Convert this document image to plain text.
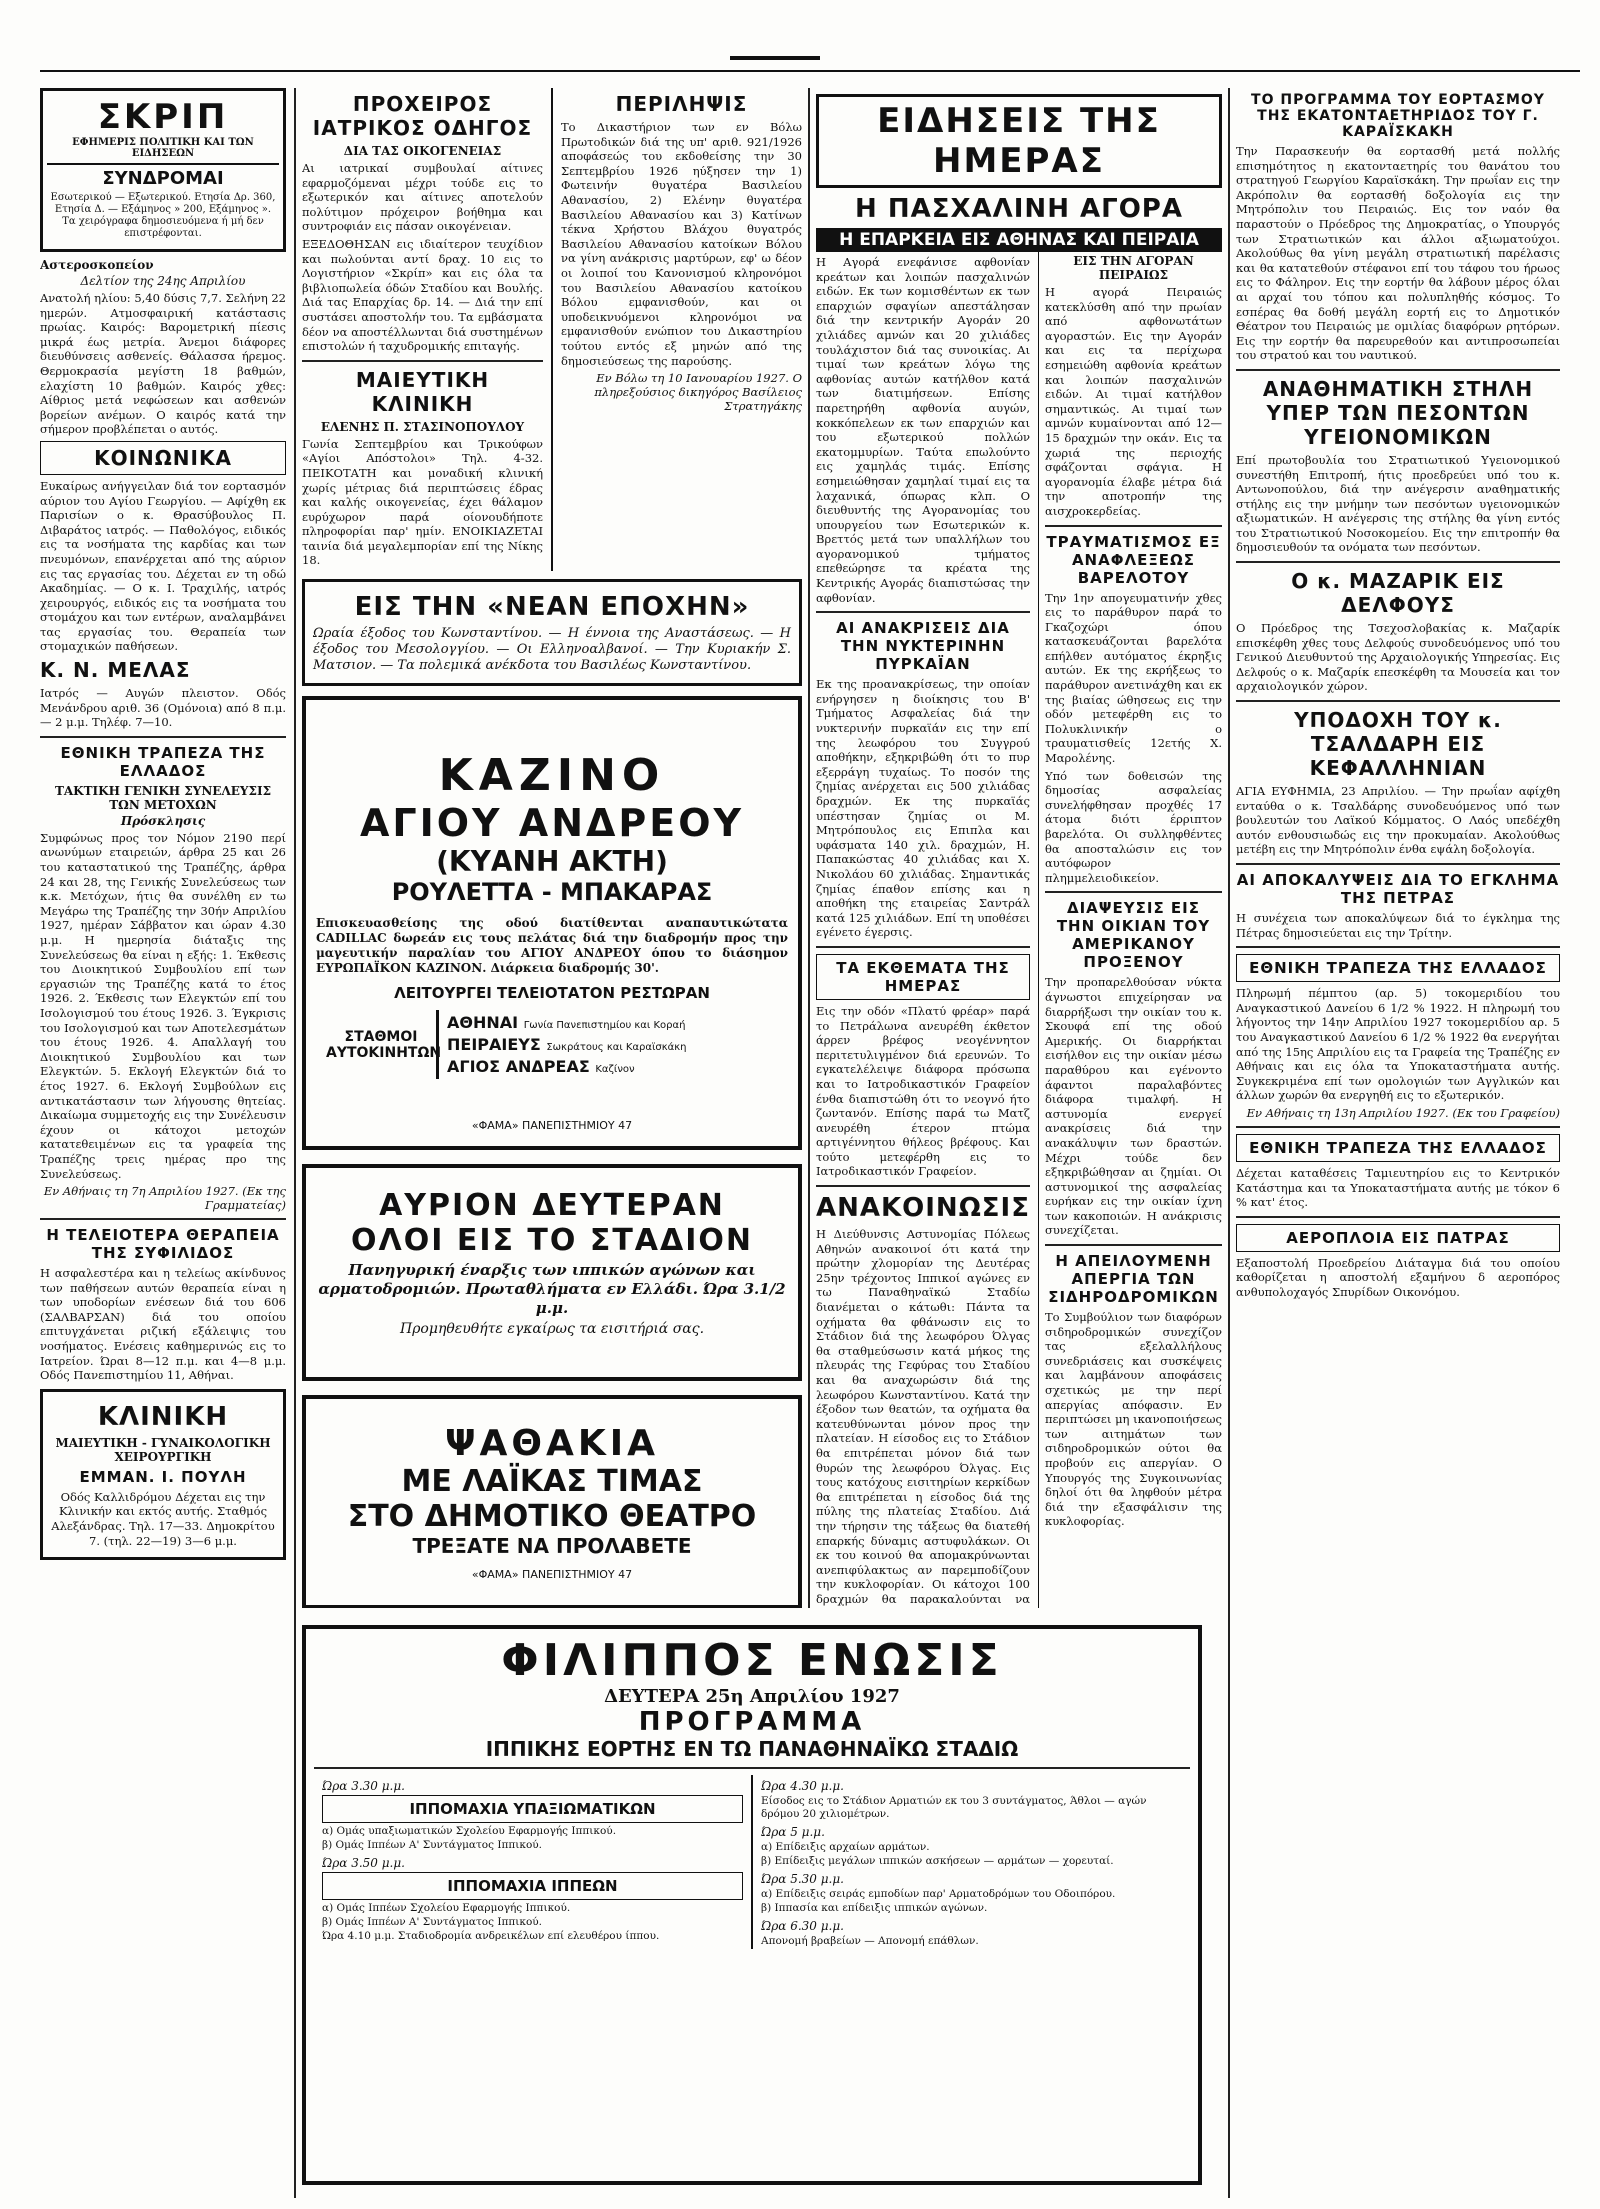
ΣΚΡΙΠ
ΕΦΗΜΕΡΙΣ ΠΟΛΙΤΙΚΗ ΚΑΙ ΤΩΝ ΕΙΔΗΣΕΩΝ
ΣΥΝΔΡΟΜΑΙ
Εσωτερικού — Εξωτερικού. Ετησία Δρ. 360, Ετησία Δ. — Εξάμηνος » 200, Εξάμηνος ». Τα χειρόγραφα δημοσιευόμενα ή μή δεν επιστρέφονται.
Αστεροσκοπείον
Δελτίον της 24ης Απριλίου
Ανατολή ηλίου: 5,40 δύσις 7,7. Σελήνη 22 ημερών. Ατμοσφαιρική κατάστασις πρωίας. Καιρός: Βαρομετρική πίεσις μικρά έως μετρία. Άνεμοι διάφορες διευθύνσεις ασθενείς. Θάλασσα ήρεμος. Θερμοκρασία μεγίστη 18 βαθμών, ελαχίστη 10 βαθμών. Καιρός χθες: Αίθριος μετά νεφώσεων και ασθενών βορείων ανέμων. Ο καιρός κατά την σήμερον προβλέπεται ο αυτός.
ΚΟΙΝΩΝΙΚΑ
Ευκαίρως ανήγγειλαν διά τον εορτασμόν αύριον του Αγίου Γεωργίου. — Αφίχθη εκ Παρισίων ο κ. Θρασύβουλος Π. Διβαράτος ιατρός. — Παθολόγος, ειδικός εις τα νοσήματα της καρδίας και των πνευμόνων, επανέρχεται από της αύριον εις τας εργασίας του. Δέχεται εν τη οδώ Ακαδημίας. — Ο κ. Ι. Τραχιλής, ιατρός χειρουργός, ειδικός εις τα νοσήματα του στομάχου και των εντέρων, αναλαμβάνει τας εργασίας του. Θεραπεία των στομαχικών παθήσεων.
Κ. Ν. ΜΕΛΑΣ
Ιατρός — Αυγών πλειστον. Οδός Μενάνδρου αριθ. 36 (Ομόνοια) από 8 π.μ. — 2 μ.μ. Τηλέφ. 7—10.
ΕΘΝΙΚΗ ΤΡΑΠΕΖΑ ΤΗΣ ΕΛΛΑΔΟΣ
ΤΑΚΤΙΚΗ ΓΕΝΙΚΗ ΣΥΝΕΛΕΥΣΙΣ ΤΩΝ ΜΕΤΟΧΩΝ
Πρόσκλησις
Συμφώνως προς τον Νόμον 2190 περί ανωνύμων εταιρειών, άρθρα 25 και 26 του καταστατικού της Τραπέζης, άρθρα 24 και 28, της Γενικής Συνελεύσεως των κ.κ. Μετόχων, ήτις θα συνέλθη εν τω Μεγάρω της Τραπέζης την 30ήν Απριλίου 1927, ημέραν Σάββατον και ώραν 4.30 μ.μ. Η ημερησία διάταξις της Συνελεύσεως θα είναι η εξής: 1. Έκθεσις του Διοικητικού Συμβουλίου επί των εργασιών της Τραπέζης κατά το έτος 1926. 2. Έκθεσις των Ελεγκτών επί του Ισολογισμού του έτους 1926. 3. Έγκρισις του Ισολογισμού και των Αποτελεσμάτων του έτους 1926. 4. Απαλλαγή του Διοικητικού Συμβουλίου και των Ελεγκτών. 5. Εκλογή Ελεγκτών διά το έτος 1927. 6. Εκλογή Συμβούλων εις αντικατάστασιν των λήγουσης θητείας. Δικαίωμα συμμετοχής εις την Συνέλευσιν έχουν οι κάτοχοι μετοχών κατατεθειμένων εις τα γραφεία της Τραπέζης τρεις ημέρας προ της Συνελεύσεως.
Εν Αθήναις τη 7η Απριλίου 1927. (Εκ της Γραμματείας)
Η ΤΕΛΕΙΟΤΕΡΑ ΘΕΡΑΠΕΙΑ ΤΗΣ ΣΥΦΙΛΙΔΟΣ
Η ασφαλεστέρα και η τελείως ακίνδυνος των παθήσεων αυτών θεραπεία είναι η των υποδορίων ενέσεων διά του 606 (ΣΑΛΒΑΡΣΑΝ) διά του οποίου επιτυγχάνεται ριζική εξάλειψις του νοσήματος. Ενέσεις καθημερινώς εις το Ιατρείον. Ώραι 8—12 π.μ. και 4—8 μ.μ. Οδός Πανεπιστημίου 11, Αθήναι.
ΚΛΙΝΙΚΗ
ΜΑΙΕΥΤΙΚΗ - ΓΥΝΑΙΚΟΛΟΓΙΚΗ ΧΕΙΡΟΥΡΓΙΚΗ
ΕΜΜΑΝ. Ι. ΠΟΥΛΗ
Οδός Καλλιδρόμου Δέχεται εις την Κλινικήν και εκτός αυτής. Σταθμός Αλεξάνδρας. Τηλ. 17—33. Δημοκρίτου 7. (τηλ. 22—19) 3—6 μ.μ.
ΠΡΟΧΕΙΡΟΣ ΙΑΤΡΙΚΟΣ ΟΔΗΓΟΣ
ΔΙΑ ΤΑΣ ΟΙΚΟΓΕΝΕΙΑΣ
Αι ιατρικαί συμβουλαί αίτινες εφαρμοζόμεναι μέχρι τούδε εις το εξωτερικόν και αίτινες αποτελούν πολύτιμον πρόχειρον βοήθημα και συντροφιάν εις πάσαν οικογένειαν.
ΕΞΕΔΟΘΗΣΑΝ εις ιδιαίτερον τευχίδιον και πωλούνται αντί δραχ. 10 εις το Λογιστήριον «Σκρίπ» και εις όλα τα βιβλιοπωλεία όδών Σταδίου και Βουλής. Διά τας Επαρχίας δρ. 14. — Διά την επί συστάσει αποστολήν του. Τα εμβάσματα δέον να αποστέλλωνται διά συστημένων επιστολών ή ταχυδρομικής επιταγής.
ΜΑΙΕΥΤΙΚΗ ΚΛΙΝΙΚΗ
ΕΛΕΝΗΣ Π. ΣΤΑΣΙΝΟΠΟΥΛΟΥ
Γωνία Σεπτεμβρίου και Τρικούφων «Αγίοι Απόστολοι» Τηλ. 4-32. ΠΕΙΚΟΤΑΤΗ και μοναδική κλινική χωρίς μέτριας διά περιπτώσεις έδρας και καλής οικογενείας, έχει θάλαμον ευρύχωρον παρά οίονουδήποτε πληροφορίαι παρ' ημίν. ΕΝΟΙΚΙΑΖΕΤΑΙ ταινία διά μεγαλεμπορίαν επί της Νίκης 18.
ΠΕΡΙΛΗΨΙΣ
Το Δικαστήριον των εν Βόλω Πρωτοδικών διά της υπ' αριθ. 921/1926 αποφάσεώς του εκδοθείσης την 30 Σεπτεμβρίου 1926 ηύξησεν την 1) Φωτεινήν θυγατέρα Βασιλείου Αθανασίου, 2) Ελένην θυγατέρα Βασιλείου Αθανασίου και 3) Κατίνων τέκνα Χρήστου Βλάχου θυγατρός Βασιλείου Αθανασίου κατοίκων Βόλου να γίνη ανάκρισις μαρτύρων, εφ' ω δέον οι λοιποί του Κανονισμού κληρονόμοι του Βασιλείου Αθανασίου κατοίκου Βόλου εμφανισθούν, και οι υποδεικνυόμενοι κληρονόμοι να εμφανισθούν ενώπιον του Δικαστηρίου τούτου εντός εξ μηνών από της δημοσιεύσεως της παρούσης.
Εν Βόλω τη 10 Ιανουαρίου 1927. Ο πληρεξούσιος δικηγόρος Βασίλειος Στρατηγάκης
ΕΙΣ ΤΗΝ «ΝΕΑΝ ΕΠΟΧΗΝ»
Ωραία έξοδος του Κωνσταντίνου. — Η έννοια της Αναστάσεως. — Η έξοδος του Μεσολογγίου. — Οι Ελληνοαλβανοί. — Την Κυριακήν Σ. Ματσιον. — Τα πολεμικά ανέκδοτα του Βασιλέως Κωνσταντίνου.
ΚΑΖΙΝΟ
ΑΓΙΟΥ ΑΝΔΡΕΟΥ
(ΚΥΑΝΗ ΑΚΤΗ)
ΡΟΥΛΕΤΤΑ - ΜΠΑΚΑΡΑΣ
Επισκευασθείσης της οδού διατίθενται αναπαυτικώτατα CADILLAC δωρεάν εις τους πελάτας διά την διαδρομήν προς την μαγευτικήν παραλίαν του ΑΓΙΟΥ ΑΝΔΡΕΟΥ όπου το διάσημον ΕΥΡΩΠΑΪΚΟΝ ΚΑΖΙΝΟΝ. Διάρκεια διαδρομής 30'.
ΛΕΙΤΟΥΡΓΕΙ ΤΕΛΕΙΟΤΑΤΟΝ ΡΕΣΤΩΡΑΝ
ΣΤΑΘΜΟΙ ΑΥΤΟΚΙΝΗΤΩΝ
ΑΘΗΝΑΙ Γωνία Πανεπιστημίου και Κοραή
ΠΕΙΡΑΙΕΥΣ Σωκράτους και Καραϊσκάκη
ΑΓΙΟΣ ΑΝΔΡΕΑΣ Καζίνον
«ΦΑΜΑ» ΠΑΝΕΠΙΣΤΗΜΙΟΥ 47
ΑΥΡΙΟΝ ΔΕΥΤΕΡΑΝ
ΟΛΟΙ ΕΙΣ ΤΟ ΣΤΑΔΙΟΝ
Πανηγυρική έναρξις των ιππικών αγώνων και αρματοδρομιών. Πρωταθλήματα εν Ελλάδι. Ώρα 3.1/2 μ.μ.
Προμηθευθήτε εγκαίρως τα εισιτήριά σας.
ΨΑΘΑΚΙΑ
ΜΕ ΛΑΪΚΑΣ ΤΙΜΑΣ
ΣΤΟ ΔΗΜΟΤΙΚΟ ΘΕΑΤΡΟ
ΤΡΕΞΑΤΕ ΝΑ ΠΡΟΛΑΒΕΤΕ
«ΦΑΜΑ» ΠΑΝΕΠΙΣΤΗΜΙΟΥ 47
ΦΙΛΙΠΠΟΣ ΕΝΩΣΙΣ
ΔΕΥΤΕΡΑ 25η Απριλίου 1927
ΠΡΟΓΡΑΜΜΑ
ΙΠΠΙΚΗΣ ΕΟΡΤΗΣ ΕΝ ΤΩ ΠΑΝΑΘΗΝΑΪΚΩ ΣΤΑΔΙΩ
Ώρα 3.30 μ.μ.
ΙΠΠΟΜΑΧΙΑ ΥΠΑΞΙΩΜΑΤΙΚΩΝ
α) Ομάς υπαξιωματικών Σχολείου Εφαρμογής Ιππικού.
β) Ομάς Ιππέων Α' Συντάγματος Ιππικού.
Ώρα 3.50 μ.μ.
ΙΠΠΟΜΑΧΙΑ ΙΠΠΕΩΝ
α) Ομάς Ιππέων Σχολείου Εφαρμογής Ιππικού.
β) Ομάς Ιππέων Α' Συντάγματος Ιππικού.
Ώρα 4.10 μ.μ. Σταδιοδρομία ανδρεικέλων επί ελευθέρου ίππου.
Ώρα 4.30 μ.μ.
Είσοδος εις το Στάδιον Αρματιών εκ του 3 συντάγματος, Άθλοι — αγών δρόμου 20 χιλιομέτρων.
Ώρα 5 μ.μ.
α) Επίδειξις αρχαίων αρμάτων.
β) Επίδειξις μεγάλων ιππικών ασκήσεων — αρμάτων — χορευταί.
Ώρα 5.30 μ.μ.
α) Επίδειξις σειράς εμποδίων παρ' Αρματοδρόμων του Οδοιπόρου.
β) Ιππασία και επίδειξις ιππικών αγώνων.
Ώρα 6.30 μ.μ.
Απονομή βραβείων — Απονομή επάθλων.
ΕΙΔΗΣΕΙΣ ΤΗΣ ΗΜΕΡΑΣ
Η ΠΑΣΧΑΛΙΝΗ ΑΓΟΡΑ
Η ΕΠΑΡΚΕΙΑ ΕΙΣ ΑΘΗΝΑΣ ΚΑΙ ΠΕΙΡΑΙΑ
Η Αγορά ενεφάνισε αφθονίαν κρεάτων και λοιπών πασχαλινών ειδών. Εκ των κομισθέντων εκ των επαρχιών σφαγίων απεστάλησαν διά την κεντρικήν Αγοράν 20 χιλιάδες αμνών και 20 χιλιάδες τουλάχιστον διά τας συνοικίας. Αι τιμαί των κρεάτων λόγω της αφθονίας αυτών κατήλθον κατά των διατιμήσεων. Επίσης παρετηρήθη αφθονία αυγών, κοκκόπελεων εκ των επαρχιών και του εξωτερικού πολλών εκατομμυρίων. Ταύτα επωλούντο εις χαμηλάς τιμάς. Επίσης εσημειώθησαν χαμηλαί τιμαί εις τα λαχανικά, όπωρας κλπ. Ο διευθυντής της Αγορανομίας του υπουργείου των Εσωτερικών κ. Βρεττός μετά των υπαλλήλων του αγορανομικού τμήματος επεθεώρησε τα κρέατα της Κεντρικής Αγοράς διαπιστώσας την αφθονίαν.
ΑΙ ΑΝΑΚΡΙΣΕΙΣ ΔΙΑ ΤΗΝ ΝΥΚΤΕΡΙΝΗΝ ΠΥΡΚΑΪΑΝ
Εκ της προανακρίσεως, την οποίαν ενήργησεν η διοίκησις του Β' Τμήματος Ασφαλείας διά την νυκτερινήν πυρκαϊάν εις την επί της λεωφόρου του Συγγρού αποθήκην, εξηκριβώθη ότι το πυρ εξερράγη τυχαίως. Το ποσόν της ζημίας ανέρχεται εις 500 χιλιάδας δραχμών. Εκ της πυρκαϊάς υπέστησαν ζημίας οι Μ. Μητρόπουλος εις Επιπλα και υφάσματα 140 χιλ. δραχμών, Η. Παπακώστας 40 χιλιάδας και Χ. Νικολάου 60 χιλιάδας. Σημαντικάς ζημίας έπαθον επίσης και η αποθήκη της εταιρείας Σαντράλ κατά 125 χιλιάδων. Επί τη υποθέσει εγένετο έγερσις.
ΤΑ ΕΚΘΕΜΑΤΑ ΤΗΣ ΗΜΕΡΑΣ
Εις την οδόν «Πλατύ φρέαρ» παρά το Πετράλωνα ανευρέθη έκθετον άρρεν βρέφος νεογέννητον περιτετυλιγμένον διά ερευνών. Το εγκατελέλειψε διάφορα πρόσωπα και το Ιατροδικαστικόν Γραφείον ένθα διαπιστώθη ότι το νεογνό ήτο ζωντανόν. Επίσης παρά τω Ματζ ανευρέθη έτερον πτώμα αρτιγέννητου θήλεος βρέφους. Και τούτο μετεφέρθη εις το Ιατροδικαστικόν Γραφείον.
ΑΝΑΚΟΙΝΩΣΙΣ
Η Διεύθυνσις Αστυνομίας Πόλεως Αθηνών ανακοινοί ότι κατά την πρώτην χλομορίαν της Δευτέρας 25ην τρέχοντος Ιππικοί αγώνες εν τω Παναθηναϊκώ Σταδίω διανέμεται ο κάτωθι: Πάντα τα οχήματα θα φθάνωσιν εις το Στάδιον διά της λεωφόρου Όλγας θα σταθμεύσωσιν κατά μήκος της πλευράς της Γεφύρας του Σταδίου και θα αναχωρώσιν διά της λεωφόρου Κωνσταντίνου. Κατά την έξοδον των θεατών, τα οχήματα θα κατευθύνωνται μόνον προς την πλατείαν. Η είσοδος εις το Στάδιον θα επιτρέπεται μόνον διά των θυρών της λεωφόρου Όλγας. Εις τους κατόχους εισιτηρίων κερκίδων θα επιτρέπεται η είσοδος διά της πύλης της πλατείας Σταδίου. Διά την τήρησιν της τάξεως θα διατεθή επαρκής δύναμις αστυφυλάκων. Οι εκ του κοινού θα απομακρύνωνται ανεπιφύλακτως αν παρεμποδίζουν την κυκλοφορίαν. Οι κάτοχοι 100 δραχμών θα παρακαλούνται να
ΕΙΣ ΤΗΝ ΑΓΟΡΑΝ ΠΕΙΡΑΙΩΣ
Η αγορά Πειραιώς κατεκλύσθη από την πρωίαν από αφθονωτάτων αγοραστών. Εις την Αγοράν και εις τα περίχωρα εσημειώθη αφθονία κρεάτων και λοιπών πασχαλινών ειδών. Αι τιμαί κατήλθον σημαντικώς. Αι τιμαί των αμνών κυμαίνονται από 12—15 δραχμών την οκάν. Εις τα χωριά της περιοχής σφάζονται σφάγια. Η αγορανομία έλαβε μέτρα διά την αποτροπήν της αισχροκερδείας.
ΤΡΑΥΜΑΤΙΣΜΟΣ ΕΞ ΑΝΑΦΛΕΞΕΩΣ ΒΑΡΕΛΟΤΟΥ
Την 1ην απογευματινήν χθες εις το παράθυρον παρά το Γκαζοχώρι όπου κατασκευάζονται βαρελότα επήλθεν αυτόματος έκρηξις αυτών. Εκ της εκρήξεως το παράθυρον ανετινάχθη και εκ της βιαίας ώθησεως εις την οδόν μετεφέρθη εις το Πολυκλινικήν ο τραυματισθείς 12ετής Χ. Μαρολένης.
Υπό των δοθεισών της δημοσίας ασφαλείας συνελήφθησαν προχθές 17 άτομα διότι έρριπτον βαρελότα. Οι συλληφθέντες θα αποσταλώσιν εις τον αυτόφωρον πλημμελειοδικείον.
ΔΙΑΨΕΥΣΙΣ ΕΙΣ ΤΗΝ ΟΙΚΙΑΝ ΤΟΥ ΑΜΕΡΙΚΑΝΟΥ ΠΡΟΞΕΝΟΥ
Την προπαρελθούσαν νύκτα άγνωστοι επιχείρησαν να διαρρήξωσι την οικίαν του κ. Σκουφά επί της οδού Αμερικής. Οι διαρρήκται εισήλθον εις την οικίαν μέσω παραθύρου και εγένοντο άφαντοι παραλαβόντες διάφορα τιμαλφή. Η αστυνομία ενεργεί ανακρίσεις διά την ανακάλυψιν των δραστών. Μέχρι τούδε δεν εξηκριβώθησαν αι ζημίαι. Οι αστυνομικοί της ασφαλείας ευρήκαν εις την οικίαν ίχνη των κακοποιών. Η ανάκρισις συνεχίζεται.
Η ΑΠΕΙΛΟΥΜΕΝΗ ΑΠΕΡΓΙΑ ΤΩΝ ΣΙΔΗΡΟΔΡΟΜΙΚΩΝ
Το Συμβούλιον των διαφόρων σιδηροδρομικών συνεχίζον τας εξελαλλήλους συνεδριάσεις και συσκέψεις και λαμβάνουν αποφάσεις σχετικώς με την περί απεργίας απόφασιν. Εν περιπτώσει μη ικανοποιήσεως των αιτημάτων των σιδηροδρομικών ούτοι θα προβούν εις απεργίαν. Ο Υπουργός της Συγκοινωνίας δηλοί ότι θα ληφθούν μέτρα διά την εξασφάλισιν της κυκλοφορίας.
ΤΟ ΠΡΟΓΡΑΜΜΑ ΤΟΥ ΕΟΡΤΑΣΜΟΥ ΤΗΣ ΕΚΑΤΟΝΤΑΕΤΗΡΙΔΟΣ ΤΟΥ Γ. ΚΑΡΑΪΣΚΑΚΗ
Την Παρασκευήν θα εορτασθή μετά πολλής επισημότητος η εκατονταετηρίς του θανάτου του στρατηγού Γεωργίου Καραϊσκάκη. Την πρωΐαν εις την Ακρόπολιν θα εορτασθή δοξολογία εις την Μητρόπολιν του Πειραιώς. Εις τον ναόν θα παραστούν ο Πρόεδρος της Δημοκρατίας, ο Υπουργός των Στρατιωτικών και άλλοι αξιωματούχοι. Ακολούθως θα γίνη μεγάλη στρατιωτική παρέλασις και θα κατατεθούν στέφανοι επί του τάφου του ήρωος εις το Φάληρον. Εις την εορτήν θα λάβουν μέρος όλαι αι αρχαί του τόπου και πολυπληθής κόσμος. Το εσπέρας θα δοθή μεγάλη εορτή εις το Δημοτικόν Θέατρον του Πειραιώς με ομιλίας διαφόρων ρητόρων. Εις την εορτήν θα παρευρεθούν και αντιπροσωπείαι του στρατού και του ναυτικού.
ΑΝΑΘΗΜΑΤΙΚΗ ΣΤΗΛΗ ΥΠΕΡ ΤΩΝ ΠΕΣΟΝΤΩΝ ΥΓΕΙΟΝΟΜΙΚΩΝ
Επί πρωτοβουλία του Στρατιωτικού Υγειονομικού συνεστήθη Επιτροπή, ήτις προεδρεύει υπό του κ. Αντωνοπούλου, διά την ανέγερσιν αναθηματικής στήλης εις την μνήμην των πεσόντων υγειονομικών αξιωματικών. Η ανέγερσις της στήλης θα γίνη εντός του Στρατιωτικού Νοσοκομείου. Εις την επιτροπήν θα δημοσιευθούν τα ονόματα των πεσόντων.
Ο κ. ΜΑΖΑΡΙΚ ΕΙΣ ΔΕΛΦΟΥΣ
Ο Πρόεδρος της Τσεχοσλοβακίας κ. Μαζαρίκ επισκέφθη χθες τους Δελφούς συνοδευόμενος υπό του Γενικού Διευθυντού της Αρχαιολογικής Υπηρεσίας. Εις Δελφούς ο κ. Μαζαρίκ επεσκέφθη τα Μουσεία και τον αρχαιολογικόν χώρον.
ΥΠΟΔΟΧΗ ΤΟΥ κ. ΤΣΑΛΔΑΡΗ ΕΙΣ ΚΕΦΑΛΛΗΝΙΑΝ
ΑΓΙΑ ΕΥΦΗΜΙΑ, 23 Απριλίου. — Την πρωΐαν αφίχθη ενταύθα ο κ. Τσαλδάρης συνοδευόμενος υπό των βουλευτών του Λαϊκού Κόμματος. Ο Λαός υπεδέχθη αυτόν ενθουσιωδώς εις την προκυμαίαν. Ακολούθως μετέβη εις την Μητρόπολιν ένθα εψάλη δοξολογία.
ΑΙ ΑΠΟΚΑΛΥΨΕΙΣ ΔΙΑ ΤΟ ΕΓΚΛΗΜΑ ΤΗΣ ΠΕΤΡΑΣ
Η συνέχεια των αποκαλύψεων διά το έγκλημα της Πέτρας δημοσιεύεται εις την Τρίτην.
ΕΘΝΙΚΗ ΤΡΑΠΕΖΑ ΤΗΣ ΕΛΛΑΔΟΣ
Πληρωμή πέμπτου (αρ. 5) τοκομεριδίου του Αναγκαστικού Δανείου 6 1/2 % 1922. Η πληρωμή του λήγοντος την 14ην Απριλίου 1927 τοκομεριδίου αρ. 5 του Αναγκαστικού Δανείου 6 1/2 % 1922 θα ενεργήται από της 15ης Απριλίου εις τα Γραφεία της Τραπέζης εν Αθήναις και εις όλα τα Υποκαταστήματα αυτής. Συγκεκριμένα επί των ομολογιών των Αγγλικών και άλλων χωρών θα ενεργηθή εις το εξωτερικόν.
Εν Αθήναις τη 13η Απριλίου 1927. (Εκ του Γραφείου)
ΕΘΝΙΚΗ ΤΡΑΠΕΖΑ ΤΗΣ ΕΛΛΑΔΟΣ
Δέχεται καταθέσεις Ταμιευτηρίου εις το Κεντρικόν Κατάστημα και τα Υποκαταστήματα αυτής με τόκον 6 % κατ' έτος.
ΑΕΡΟΠΛΟΙΑ ΕΙΣ ΠΑΤΡΑΣ
Εξαποστολή Προεδρείου Διάταγμα διά του οποίου καθορίζεται η αποστολή εξαμήνου δ αεροπόρος ανθυπολοχαγός Σπυρίδων Οικονόμου.
